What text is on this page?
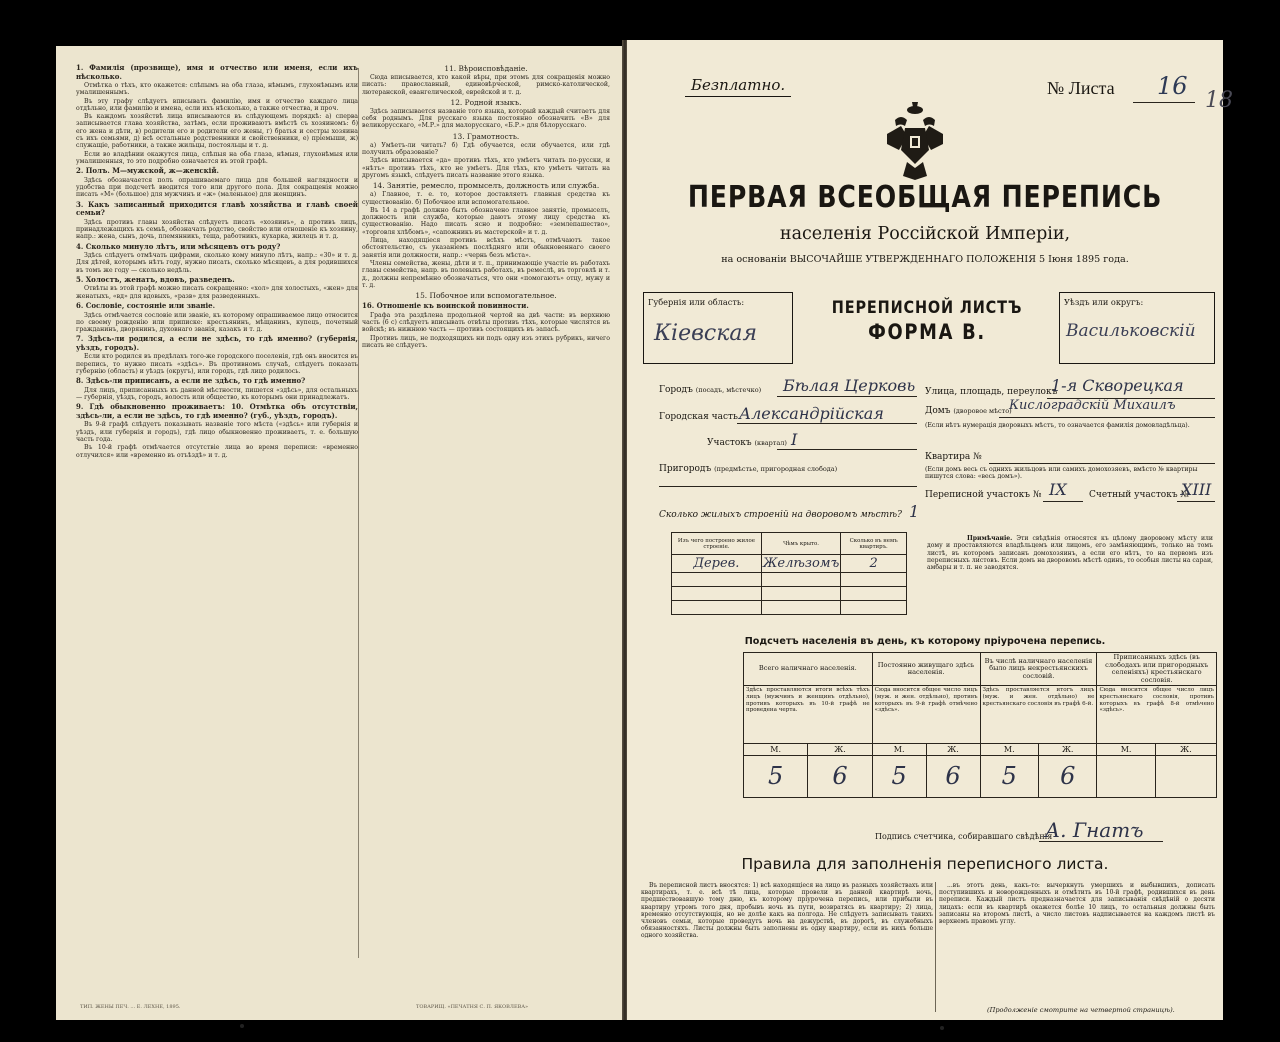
1. Фамилія (прозвище), имя и отчество или именя, если ихъ нѣсколько.

Отмѣтка о тѣхъ, кто окажется: слѣпымъ на оба глаза, нѣмымъ, глухонѣмымъ или умалишеннымъ.

Въ эту графу слѣдуетъ вписывать фамилію, имя и отчество каждаго лица отдѣльно, или фамилію и имена, если ихъ нѣсколько, а также отчества, и проч.

Въ каждомъ хозяйствѣ лица вписываются въ слѣдующемъ порядкѣ: а) сперва записывается глава хозяйства, затѣмъ, если проживаютъ вмѣстѣ съ хозяиномъ: б) его жена и дѣти, в) родители его и родители его жены, г) братья и сестры хозяина съ ихъ семьями, д) всѣ остальные родственники и свойственники, е) пріемыши, ж) служащіе, работники, а также жильцы, постояльцы и т. д.

Если во владѣнии окажутся лица, слѣпыя на оба глаза, нѣмыя, глухонѣмыя или умалишенныя, то это подробно означается въ этой графѣ.

2. Полъ. М—мужской, ж—женскій.

Здѣсь обозначается полъ опрашиваемаго лица для большей наглядности и удобства при подсчетѣ вводится того или другого пола. Для сокращенія можно писать «М» (большое) для мужчинъ и «ж» (маленькое) для женщинъ.

3. Какъ записанный приходится главѣ хозяйства и главѣ своей семьи?

Здѣсь противъ главы хозяйства слѣдуетъ писать «хозяинъ», а противъ лицъ, принадлежащихъ къ семьѣ, обозначать родство, свойство или отношеніе къ хозяину, напр.: жена, сынъ, дочь, племянникъ, теща, работникъ, кухарка, жилецъ и т. д.

4. Сколько минуло лѣтъ, или мѣсяцевъ отъ роду?

Здѣсь слѣдуетъ отмѣчать цифрами, сколько кому минуло лѣтъ, напр.: «30» и т. д. Для дѣтей, которымъ нѣтъ году, нужно писать, сколько мѣсяцевъ, а для родившихся въ томъ же году — сколько недѣль.

5. Холостъ, женатъ, вдовъ, разведенъ.

Отвѣты въ этой графѣ можно писать сокращенно: «хол» для холостыхъ, «жен» для женатыхъ, «вд» для вдовыхъ, «разв» для разведенныхъ.

6. Сословіе, состояніе или званіе.

Здѣсь отмѣчается сословіе или званіе, къ которому опрашиваемое лицо относится по своему рожденію или приписке: крестьянинъ, мѣщанинъ, купецъ, почетный гражданинъ, дворянинъ, духовнаго званія, казакъ и т. д.

7. Здѣсь-ли родился, а если не здѣсь, то гдѣ именно? (губернія, уѣздъ, городъ).

Если кто родился въ предѣлахъ того-же городского поселенія, гдѣ онъ вносится въ перепись, то нужно писать «здѣсь». Въ противномъ случаѣ, слѣдуетъ показать губернію (область) и уѣздъ (округъ), или городъ, гдѣ лицо родилось.

8. Здѣсь-ли приписанъ, а если не здѣсь, то гдѣ именно?

Для лицъ, приписанныхъ къ данной мѣстности, пишется «здѣсь», для остальныхъ — губернія, уѣздъ, городъ, волость или общество, къ которымъ они принадлежатъ.

9. Гдѣ обыкновенно проживаетъ: 10. Отмѣтка объ отсутствіи, здѣсь-ли, а если не здѣсь, то гдѣ именно? (губ., уѣздъ, городъ).

Въ 9-й графѣ слѣдуетъ показывать названіе того мѣста («здѣсь» или губернія и уѣздъ, или губернія и городъ), гдѣ лицо обыкновенно проживаетъ, т. е. большую часть года.

Въ 10-й графѣ отмѣчается отсутствіе лица во время переписи: «временно отлучился» или «временно въ отъѣздѣ» и т. д.

11. Вѣроисповѣданіе.

Сюда вписывается, кто какой вѣры, при этомъ для сокращенія можно писать: православный, единовѣрческой, римско-католической, лютеранской, евангелической, еврейской и т. д.

12. Родной языкъ.

Здѣсь записывается названіе того языка, который каждый считаетъ для себя роднымъ. Для русскаго языка постоянно обозначить «В» для великорусскаго, «М.Р.» для малорусскаго, «Б.Р.» для бѣлорусскаго.

13. Грамотность.

а) Умѣетъ-ли читать? б) Гдѣ обучается, если обучается, или гдѣ получилъ образованіе?

Здѣсь вписывается «да» противъ тѣхъ, кто умѣетъ читать по-русски, и «нѣтъ» противъ тѣхъ, кто не умѣетъ. Для тѣхъ, кто умѣетъ читать на другомъ языкѣ, слѣдуетъ писать название этого языка.

14. Занятіе, ремесло, промыселъ, должность или служба.

а) Главное, т. е. то, которое доставляетъ главныя средства къ существованію. б) Побочное или вспомогательное.

Въ 14 а графѣ должно быть обозначено главное занятіе, промыселъ, должность или служба, которые даютъ этому лицу средства къ существованію. Надо писать ясно и подробно: «землепашество», «торговля хлѣбомъ», «сапожникъ въ мастерской» и т. д.

Лица, находящіеся противъ всѣхъ мѣстъ, отмѣчаютъ такое обстоятельство, съ указаніемъ послѣдняго или обыкновеннаго своего занятія или должности, напр.: «чернь безъ мѣста».

Члены семейства, жены, дѣти и т. п., принимающіе участіе въ работахъ главы семейства, напр. въ полевыхъ работахъ, въ ремеслѣ, въ торговлѣ и т. д., должны непремѣнно обозначаться, что они «помогаютъ» отцу, мужу и т. д.

15. Побочное или вспомогательное.
16. Отношеніе къ воинской повинности.

Графа эта раздѣлена продольной чертой на двѣ части: въ верхнюю часть (6 с) слѣдуетъ вписывать отвѣты противъ тѣхъ, которые числятся въ войскѣ; въ нижнюю часть — противъ состоящихъ въ запасѣ.

Противъ лицъ, не подходящихъ ни подъ одну изъ этихъ рубрикъ, ничего писать не слѣдуетъ.

ТИП. ЖЕНЫ ПЕЧ. ... Е. ЛЕХНЕ, 1895.	ТОВАРИЩ. «ПЕЧАТНЯ С. П. ЯКОВЛЕВА»
Безплатно.	№ Листа 16
18
ПЕРВАЯ ВСЕОБЩАЯ ПЕРЕПИСЬ
населенія Россійской Имперіи,
на основаніи ВЫСОЧАЙШЕ УТВЕРЖДЕННАГО ПОЛОЖЕНІЯ 5 Іюня 1895 года.
Губернія или область:
Кіевская
ПЕРЕПИСНОЙ ЛИСТЪ
ФОРМА В.
Уѣздъ или округъ:
Васильковскій
Городъ (посадъ, мѣстечко) Бѣлая Церковь
Городская часть Александрійская
Участокъ (квартал) I
Пригородъ (предмѣстье, пригородная слобода)
Улица, площадь, переулокъ
1-я Скворецкая
Домъ (дворовое мѣсто)
Кислоградскій Михаилъ
(Если нѣтъ нумерація дворовыхъ мѣстъ, то означается фамилія домовладѣльца).
Квартира №
(Если домъ весь съ однихъ жильцовъ или самихъ домохозяевъ, вмѣсто № квартиры пишутся слова: «весь домъ»).
Переписной участокъ № IX Счетный участокъ №
XIII
Сколько жилыхъ строеній на дворовомъ мѣстѣ? 1
Изъ чего построено жилое строеніе.	Чѣмъ крыто.	Сколько въ немъ квартиръ.
Дерев.	Желѣзомъ	2

Примѣчаніе. Эти свѣдѣнія относятся къ цѣлому дворовому мѣсту или дому и проставляются владѣльцемъ или лицомъ, его замѣняющимъ, только на томъ листѣ, въ которомъ записанъ домохозяинъ, а если его нѣтъ, то на первомъ изъ переписныхъ листовъ. Если домъ на дворовомъ мѣстѣ одинъ, то особыя листы на сараи, амбары и т. п. не заводятся.
Подсчетъ населенія въ день, къ которому пріурочена перепись.
Всего наличнаго населенія.		Постоянно живущаго здѣсь населенія.		Въ числѣ наличнаго населенія было лицъ некрестьянскихъ сословій.		Приписанныхъ здѣсь (въ слободахъ или пригородныхъ селеніяхъ) крестьянскаго сословія.	
Здѣсь проставляются итоги всѣхъ тѣхъ лицъ (мужчинъ и женщинъ отдѣльно), противъ которыхъ въ 10-й графѣ не проведена черта.		Сюда вносится общее число лицъ (муж. и жен. отдѣльно), противъ которыхъ въ 9-й графѣ отмѣчено «здѣсь».		Здѣсь проставляется итогъ лицъ (муж. и жен. отдѣльно) не крестьянскаго сословія въ графѣ 6-й.		Сюда вносится общее число лицъ крестьянскаго сословія, противъ которыхъ въ графѣ 8-й отмѣчено «здѣсь».	
М.	Ж.	М.	Ж.	М.	Ж.	М.	Ж.
5	6	5	6	5	6		
Подпись счетчика, собиравшаго свѣдѣнія
А. Гнатъ
Правила для заполненія переписного листа.

Въ переписной листъ вносятся: 1) всѣ находящіеся на лицо въ разныхъ хозяйствахъ или квартирахъ, т. е. всѣ тѣ лица, которые провели въ данной квартирѣ ночь, предшествовавшую тому дню, къ которому пріурочена перепись, или прибыли въ квартиру утромъ того дня, пробывъ ночь въ пути, возвратясь въ квартиру; 2) лица, временно отсутствующія, но не долѣе какъ на полгода. Не слѣдуетъ записывать такихъ членовъ семьи, которые проведутъ ночь на дежурствѣ, въ дорогѣ, въ служебныхъ обязанностяхъ. Листы должны быть заполнены въ одну квартиру, если въ нихъ больше одного хозяйства.

...въ этотъ день, какъ-то: вычеркнуть умершихъ и выбывшихъ, дописать поступившихъ и новорожденныхъ и отмѣтить въ 10-й графѣ, родившихся въ день переписи. Каждый листъ предназначается для записыванія свѣдѣній о десяти лицахъ: если въ квартирѣ окажется болѣе 10 лицъ, то остальныя должны быть записаны на второмъ листѣ, а число листовъ надписывается на каждомъ листѣ въ верхнемъ правомъ углу.

(Продолженіе смотрите на четвертой страницѣ).
